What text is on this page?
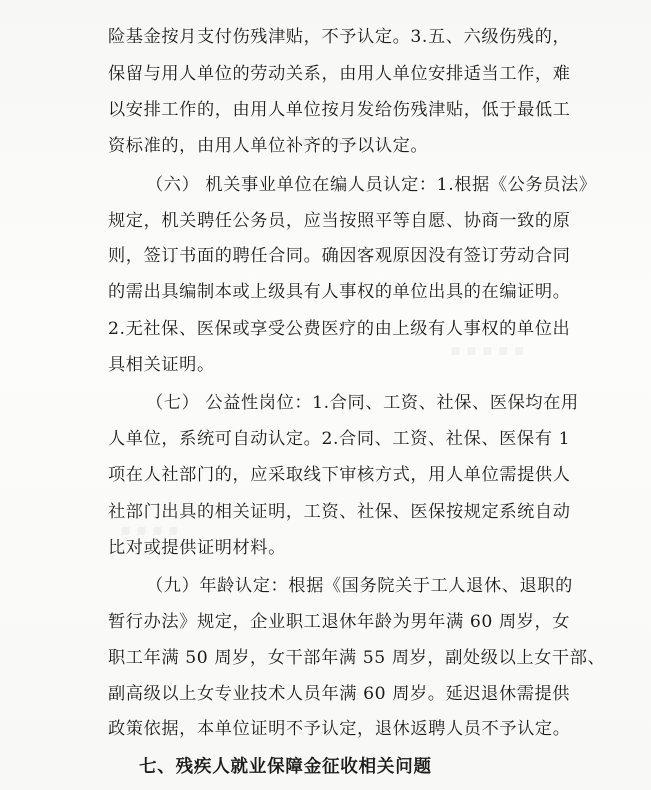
险基金按月支付伤残津贴，不予认定。3.五、六级伤残的，
保留与用人单位的劳动关系，由用人单位安排适当工作，难
以安排工作的，由用人单位按月发给伤残津贴，低于最低工
资标准的，由用人单位补齐的予以认定。
（六） 机关事业单位在编人员认定：1.根据《公务员法》
规定，机关聘任公务员，应当按照平等自愿、协商一致的原
则，签订书面的聘任合同。确因客观原因没有签订劳动合同
的需出具编制本或上级具有人事权的单位出具的在编证明。
2.无社保、医保或享受公费医疗的由上级有人事权的单位出
具相关证明。
（七） 公益性岗位：1.合同、工资、社保、医保均在用
人单位，系统可自动认定。2.合同、工资、社保、医保有 1
项在人社部门的，应采取线下审核方式，用人单位需提供人
社部门出具的相关证明，工资、社保、医保按规定系统自动
比对或提供证明材料。
（九）年龄认定：根据《国务院关于工人退休、退职的
暂行办法》规定，企业职工退休年龄为男年满 60 周岁，女
职工年满 50 周岁，女干部年满 55 周岁，副处级以上女干部、
副高级以上女专业技术人员年满 60 周岁。延迟退休需提供
政策依据，本单位证明不予认定，退休返聘人员不予认定。
七、残疾人就业保障金征收相关问题
